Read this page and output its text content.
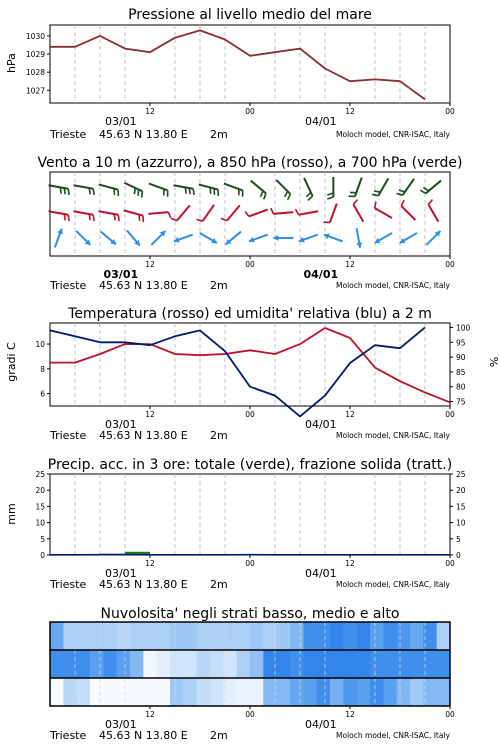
Pressione al livello medio del mare
hPa
12	00	12	00
03/01	04/01
1027
1028
1029
1030
Trieste 45.63 N 13.80 E 2m	Moloch model, CNR-ISAC, Italy
Vento a 10 m (azzurro), a 850 hPa (rosso), a 700 hPa (verde)
12	00	12	00
03/01	04/01
Trieste 45.63 N 13.80 E 2m	Moloch model, CNR-ISAC, Italy
Temperatura (rosso) ed umidita' relativa (blu) a 2 m
gradi C	%
12	00	12	00
03/01	04/01
6
8
10
75
80
85
90
95
100
Trieste 45.63 N 13.80 E 2m	Moloch model, CNR-ISAC, Italy
Precip. acc. in 3 ore: totale (verde), frazione solida (tratt.)
mm
12	00	12	00
03/01	04/01
0
5
10
15
20
25
0
5
10
15
20
25
Trieste 45.63 N 13.80 E 2m	Moloch model, CNR-ISAC, Italy
Nuvolosita' negli strati basso, medio e alto
12	00	12	00
03/01	04/01
Trieste 45.63 N 13.80 E 2m	Moloch model, CNR-ISAC, Italy
